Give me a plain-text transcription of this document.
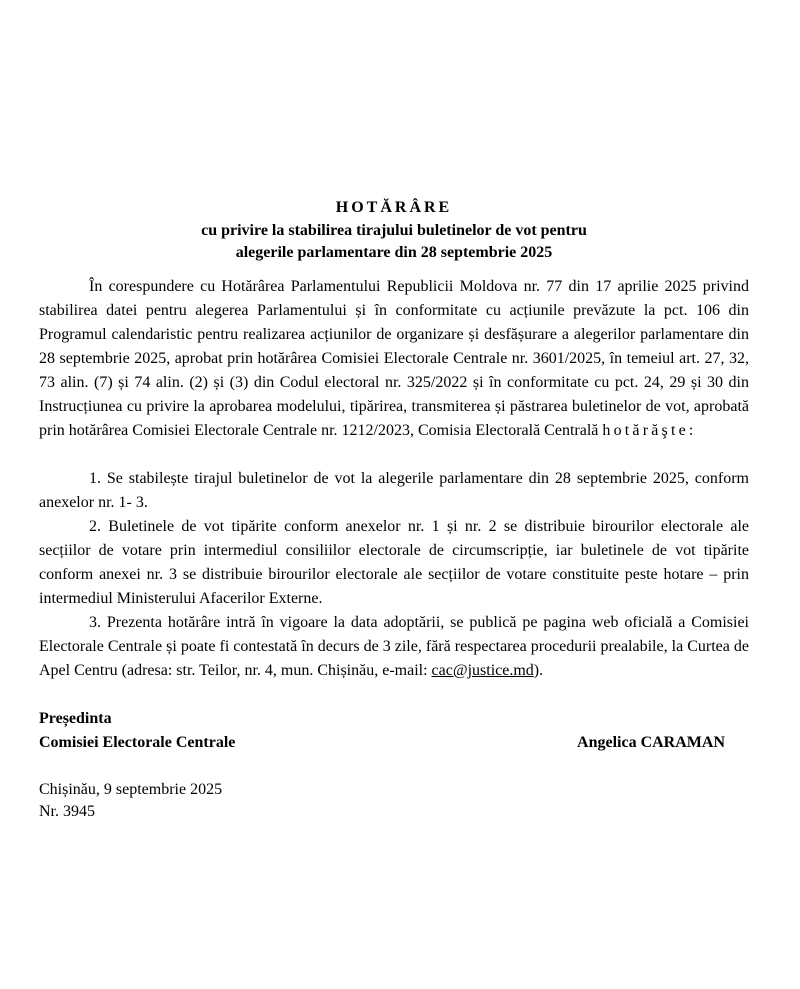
HOTĂRÂRE

cu privire la stabilirea tirajului buletinelor de vot pentru

alegerile parlamentare din 28 septembrie 2025

În corespundere cu Hotărârea Parlamentului Republicii Moldova nr. 77 din 17 aprilie 2025 privind stabilirea datei pentru alegerea Parlamentului și în conformitate cu acțiunile prevăzute la pct. 106 din Programul calendaristic pentru realizarea acțiunilor de organizare și desfășurare a alegerilor parlamentare din 28 septembrie 2025, aprobat prin hotărârea Comisiei Electorale Centrale nr. 3601/2025, în temeiul art. 27, 32, 73 alin. (7) și 74 alin. (2) și (3) din Codul electoral nr. 325/2022 și în conformitate cu pct. 24, 29 și 30 din Instrucțiunea cu privire la aprobarea modelului, tipărirea, transmiterea și păstrarea buletinelor de vot, aprobată prin hotărârea Comisiei Electorale Centrale nr. 1212/2023, Comisia Electorală Centrală hotărăşte:

1. Se stabilește tirajul buletinelor de vot la alegerile parlamentare din 28 septembrie 2025, conform anexelor nr. 1- 3.

2. Buletinele de vot tipărite conform anexelor nr. 1 și nr. 2 se distribuie birourilor electorale ale secțiilor de votare prin intermediul consiliilor electorale de circumscripție, iar buletinele de vot tipărite conform anexei nr. 3 se distribuie birourilor electorale ale secțiilor de votare constituite peste hotare – prin intermediul Ministerului Afacerilor Externe.

3. Prezenta hotărâre intră în vigoare la data adoptării, se publică pe pagina web oficială a Comisiei Electorale Centrale și poate fi contestată în decurs de 3 zile, fără respectarea procedurii prealabile, la Curtea de Apel Centru (adresa: str. Teilor, nr. 4, mun. Chișinău, e-mail: cac@justice.md).

Președinta
Comisiei Electorale Centrale	Angelica CARAMAN
Chișinău, 9 septembrie 2025
Nr. 3945
